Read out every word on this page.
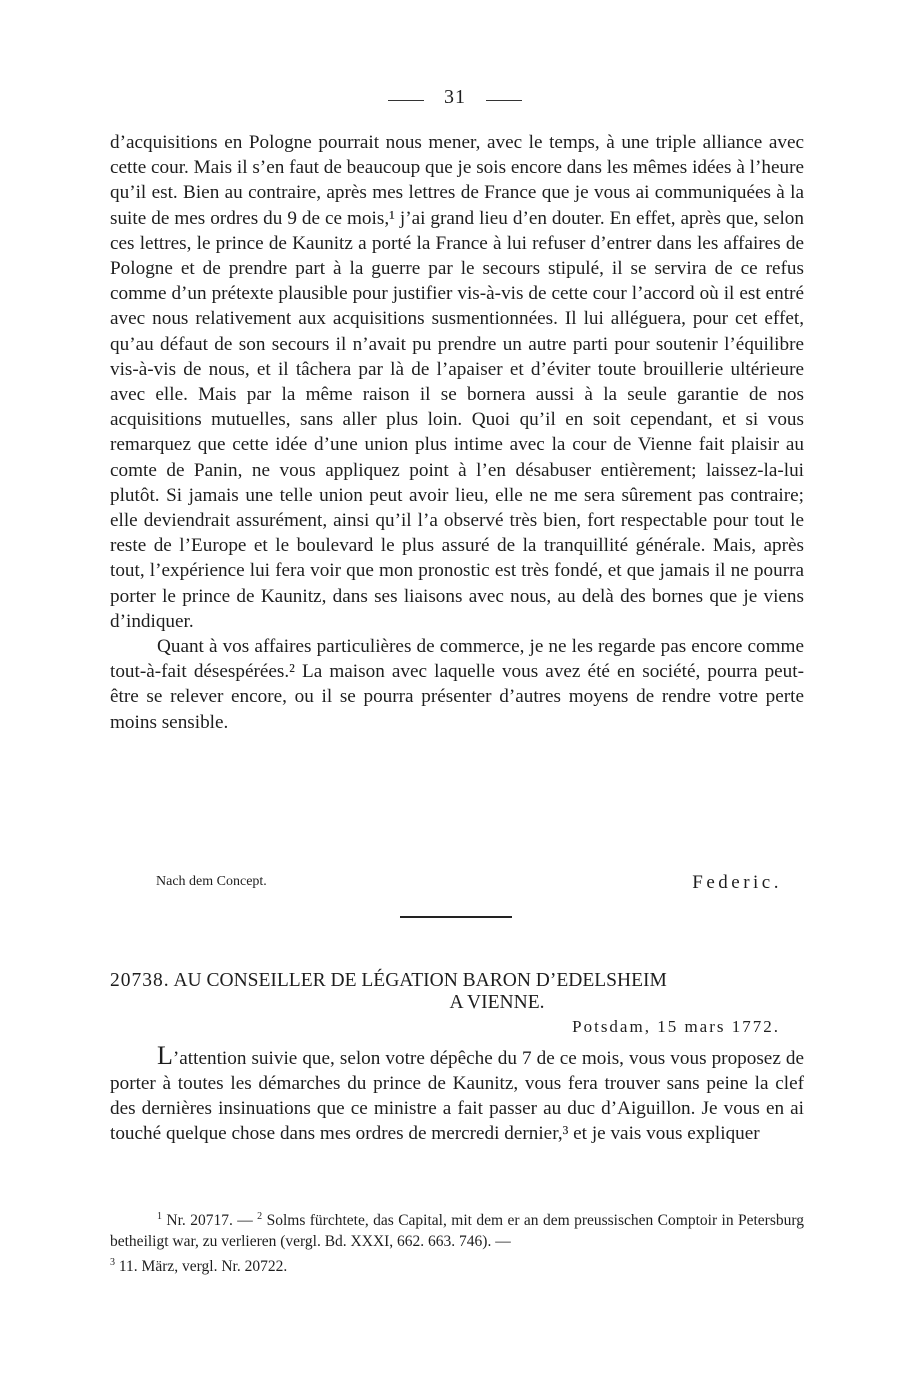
31

d’acquisitions en Pologne pourrait nous mener, avec le temps, à une triple alliance avec cette cour. Mais il s’en faut de beaucoup que je sois encore dans les mêmes idées à l’heure qu’il est. Bien au contraire, après mes lettres de France que je vous ai communiquées à la suite de mes ordres du 9 de ce mois,¹ j’ai grand lieu d’en douter. En effet, après que, selon ces lettres, le prince de Kaunitz a porté la France à lui refuser d’entrer dans les affaires de Pologne et de prendre part à la guerre par le secours stipulé, il se servira de ce refus comme d’un prétexte plausible pour justifier vis-à-vis de cette cour l’accord où il est entré avec nous relativement aux acquisitions susmentionnées. Il lui alléguera, pour cet effet, qu’au défaut de son secours il n’avait pu prendre un autre parti pour soutenir l’équilibre vis-à-vis de nous, et il tâchera par là de l’apaiser et d’éviter toute brouillerie ultérieure avec elle. Mais par la même raison il se bornera aussi à la seule garantie de nos acquisitions mutuelles, sans aller plus loin. Quoi qu’il en soit cependant, et si vous remarquez que cette idée d’une union plus intime avec la cour de Vienne fait plaisir au comte de Panin, ne vous appliquez point à l’en désabuser entièrement; laissez-la-lui plutôt. Si jamais une telle union peut avoir lieu, elle ne me sera sûrement pas contraire; elle deviendrait assurément, ainsi qu’il l’a observé très bien, fort respectable pour tout le reste de l’Europe et le boulevard le plus assuré de la tranquillité générale. Mais, après tout, l’expérience lui fera voir que mon pronostic est très fondé, et que jamais il ne pourra porter le prince de Kaunitz, dans ses liaisons avec nous, au delà des bornes que je viens d’indiquer.

Quant à vos affaires particulières de commerce, je ne les regarde pas encore comme tout-à-fait désespérées.² La maison avec laquelle vous avez été en société, pourra peut-être se relever encore, ou il se pourra présenter d’autres moyens de rendre votre perte moins sensible.

Nach dem Concept.	Federic.
20738. AU CONSEILLER DE LÉGATION BARON D’EDELSHEIM
A VIENNE.
Potsdam, 15 mars 1772.
L’attention suivie que, selon votre dépêche du 7 de ce mois, vous vous proposez de porter à toutes les démarches du prince de Kaunitz, vous fera trouver sans peine la clef des dernières insinuations que ce ministre a fait passer au duc d’Aiguillon. Je vous en ai touché quelque chose dans mes ordres de mercredi dernier,³ et je vais vous expliquer

$^1$ Nr. 20717. — $^2$ Solms fürchtete, das Capital, mit dem er an dem preussischen Comptoir in Petersburg betheiligt war, zu verlieren (vergl. Bd. XXXI, 662. 663. 746). —

$^3$ 11. März, vergl. Nr. 20722.
